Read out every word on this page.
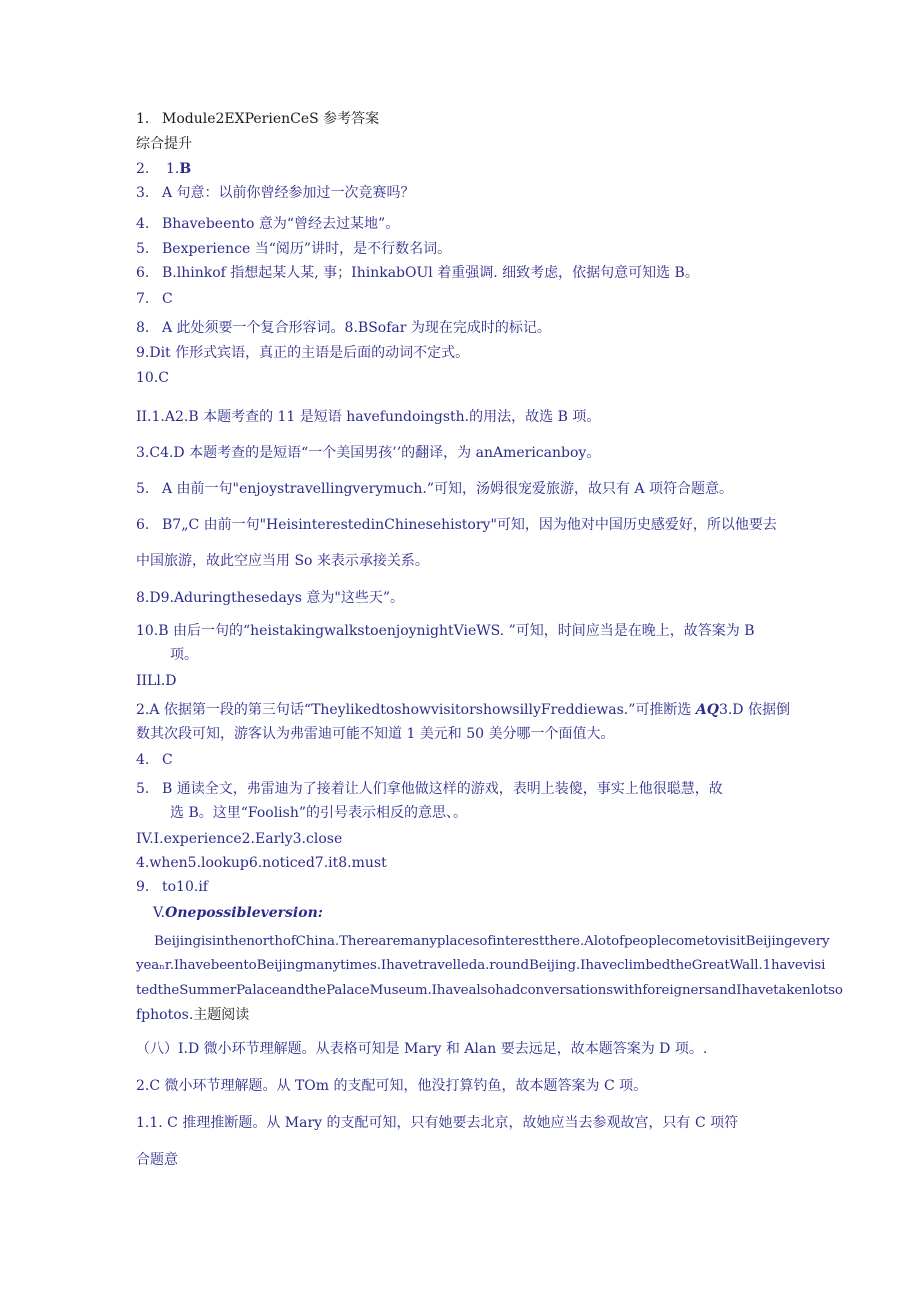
1. Module2EXPerienCeS 参考答案
综合提升
2. 1.B
3. A 句意：以前你曾经参加过一次竞赛吗？
4. Bhavebeento 意为“曾经去过某地”。
5. Bexperience 当“阅历”讲时，是不行数名词。
6. B.lhinkof 指想起某人某, 事；IhinkabOUl 着重强调. 细致考虑，依据句意可知选 B。
7. C
8. A 此处须要一个复合形容词。8.BSofar 为现在完成时的标记。
9.Dit 作形式宾语，真正的主语是后面的动词不定式。
10.C
II.1.A2.B 本题考查的 11 是短语 havefundoingsth.的用法，故选 B 项。
3.C4.D 本题考查的是短语“一个美国男孩’’的翻译，为 anAmericanboy。
5. A 由前一句"enjoystravellingverymuch.”可知，汤姆很宠爱旅游，故只有 A 项符合题意。
6. B7„C 由前一句"HeisinterestedinChinesehistory"可知，因为他对中国历史感爱好，所以他要去
中国旅游，故此空应当用 So 来表示承接关系。
8.D9.Aduringthesedays 意为"这些天”。
10.B 由后一句的“heistakingwalkstoenjoynightVieWS. ”可知，时间应当是在晚上，故答案为 B
项。
IILl.D
2.A 依据第一段的第三句话“TheylikedtoshowvisitorshowsillyFreddiewas.”可推断选 AQ3.D 依据倒
数其次段可知，游客认为弗雷迪可能不知道 1 美元和 50 美分哪一个面值大。
4. C
5. B 通读全文，弗雷迪为了接着让人们拿他做这样的游戏，表明上装傻，事实上他很聪慧，故
选 B。这里“Foolish”的引号表示相反的意思、。
IV.I.experience2.Early3.close
4.when5.lookup6.noticed7.it8.must
9. to10.if
V.Onepossibleversion:
BeijingisinthenorthofChina.Therearemanyplacesofinterestthere.AlotofpeoplecometovisitBeijingevery
yeaₙr.IhavebeentoBeijingmanytimes.Ihavetravelleda.roundBeijing.IhaveclimbedtheGreatWall.1havevisi
tedtheSummerPalaceandthePalaceMuseum.IhavealsohadconversationswithforeignersandIhavetakenlotso
fphotos.主题阅读
（八）I.D 微小环节理解题。从表格可知是 Mary 和 Alan 要去远足，故本题答案为 D 项。.
2.C 微小环节理解题。从 TOm 的支配可知，他没打算钓鱼，故本题答案为 C 项。
1.1. C 推理推断题。从 Mary 的支配可知，只有她要去北京，故她应当去参观故宫，只有 C 项符
合题意
